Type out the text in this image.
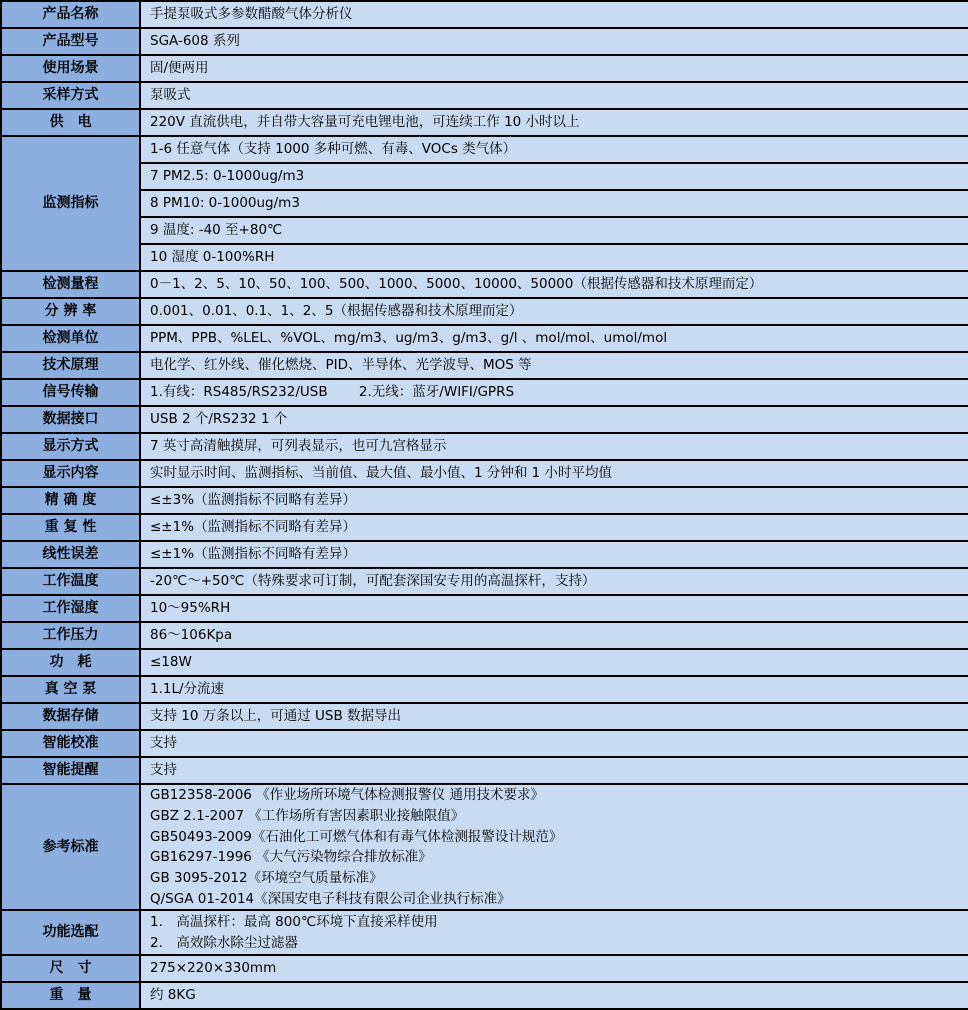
产品名称	手提泵吸式多参数醋酸气体分析仪
产品型号	SGA-608 系列
使用场景	固/便两用
采样方式	泵吸式
供　电	220V 直流供电，并自带大容量可充电锂电池，可连续工作 10 小时以上
监测指标
1-6 任意气体（支持 1000 多种可燃、有毒、VOCs 类气体）
7 PM2.5: 0-1000ug/m3
8 PM10: 0-1000ug/m3
9 温度: -40 至+80℃
10 湿度 0-100%RH
检测量程	0－1、2、5、10、50、100、500、1000、5000、10000、50000（根据传感器和技术原理而定）
分 辨 率	0.001、0.01、0.1、1、2、5（根据传感器和技术原理而定）
检测单位	PPM、PPB、%LEL、%VOL、mg/m3、ug/m3、g/m3、g/l 、mol/mol、umol/mol
技术原理	电化学、红外线、催化燃烧、PID、半导体、光学波导、MOS 等
信号传输	1.有线：RS485/RS232/USB　　 2.无线：蓝牙/WIFI/GPRS
数据接口	USB 2 个/RS232 1 个
显示方式	7 英寸高清触摸屏，可列表显示，也可九宫格显示
显示内容	实时显示时间、监测指标、当前值、最大值、最小值、1 分钟和 1 小时平均值
精 确 度	≤±3%（监测指标不同略有差异）
重 复 性	≤±1%（监测指标不同略有差异）
线性误差	≤±1%（监测指标不同略有差异）
工作温度	-20℃～+50℃（特殊要求可订制，可配套深国安专用的高温探杆，支持）
工作湿度	10～95%RH
工作压力	86～106Kpa
功　耗	≤18W
真 空 泵	1.1L/分流速
数据存储	支持 10 万条以上，可通过 USB 数据导出
智能校准	支持
智能提醒	支持
参考标准
GB12358-2006 《作业场所环境气体检测报警仪 通用技术要求》
GBZ 2.1-2007 《工作场所有害因素职业接触限值》
GB50493-2009《石油化工可燃气体和有毒气体检测报警设计规范》
GB16297-1996 《大气污染物综合排放标准》
GB 3095-2012《环境空气质量标准》
Q/SGA 01-2014《深国安电子科技有限公司企业执行标准》
功能选配
1.　高温探杆：最高 800℃环境下直接采样使用
2.　高效除水除尘过滤器
尺　寸	275×220×330mm
重　量	约 8KG
